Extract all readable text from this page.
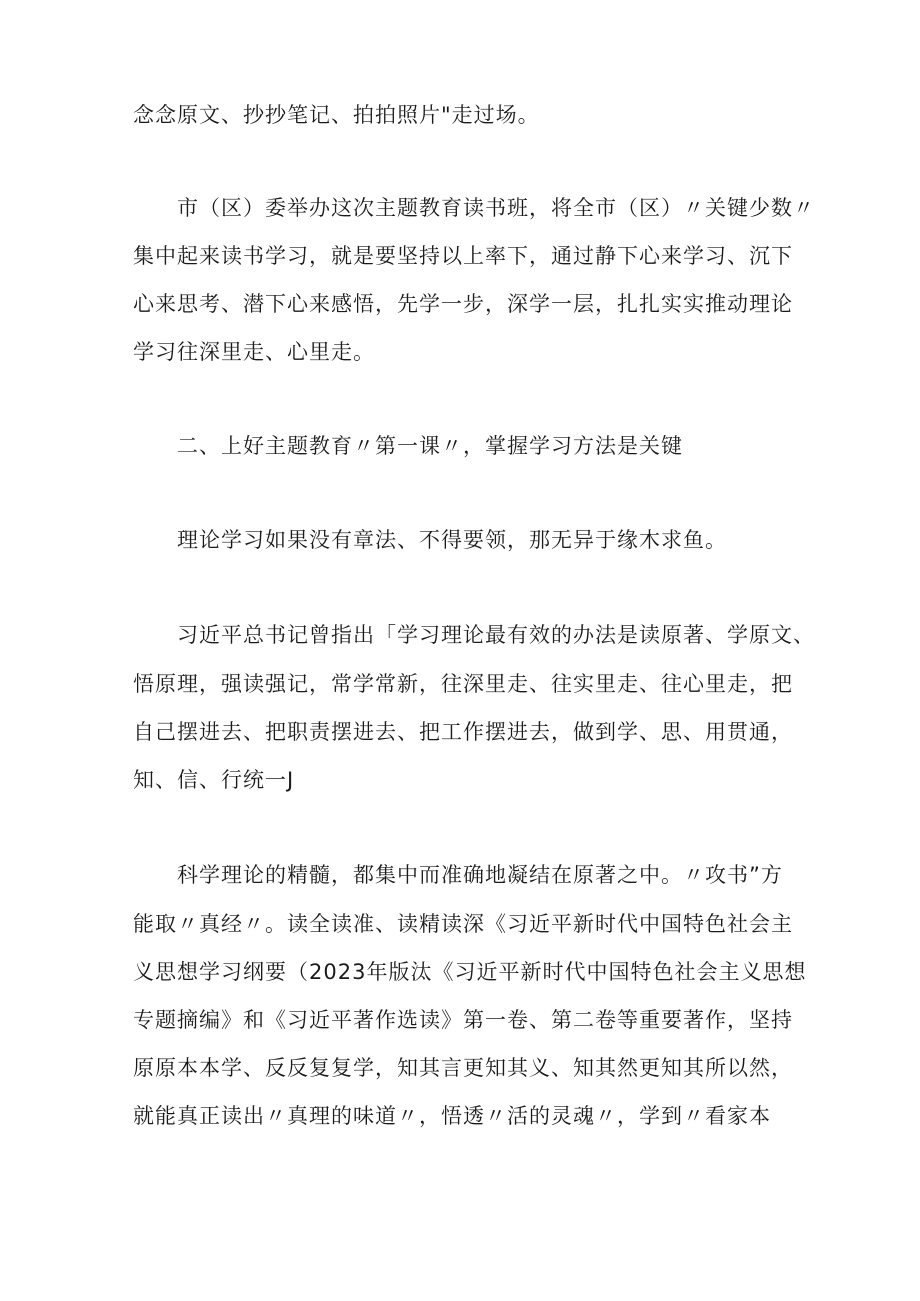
念念原文、抄抄笔记、拍拍照片"走过场。
市（区）委举办这次主题教育读书班，将全市（区）〃关键少数〃
集中起来读书学习，就是要坚持以上率下，通过静下心来学习、沉下
心来思考、潜下心来感悟，先学一步，深学一层，扎扎实实推动理论
学习往深里走、心里走。
二、上好主题教育〃第一课〃，掌握学习方法是关键
理论学习如果没有章法、不得要领，那无异于缘木求鱼。
习近平总书记曾指出「学习理论最有效的办法是读原著、学原文、
悟原理，强读强记，常学常新，往深里走、往实里走、往心里走，把
自己摆进去、把职责摆进去、把工作摆进去，做到学、思、用贯通，
知、信、行统一J
科学理论的精髓，都集中而准确地凝结在原著之中。〃攻书”方
能取〃真经〃。读全读准、读精读深《习近平新时代中国特色社会主
义思想学习纲要（2023年版汰《习近平新时代中国特色社会主义思想
专题摘编》和《习近平著作选读》第一卷、第二卷等重要著作，坚持
原原本本学、反反复复学，知其言更知其义、知其然更知其所以然，
就能真正读出〃真理的味道〃，悟透〃活的灵魂〃，学到〃看家本
